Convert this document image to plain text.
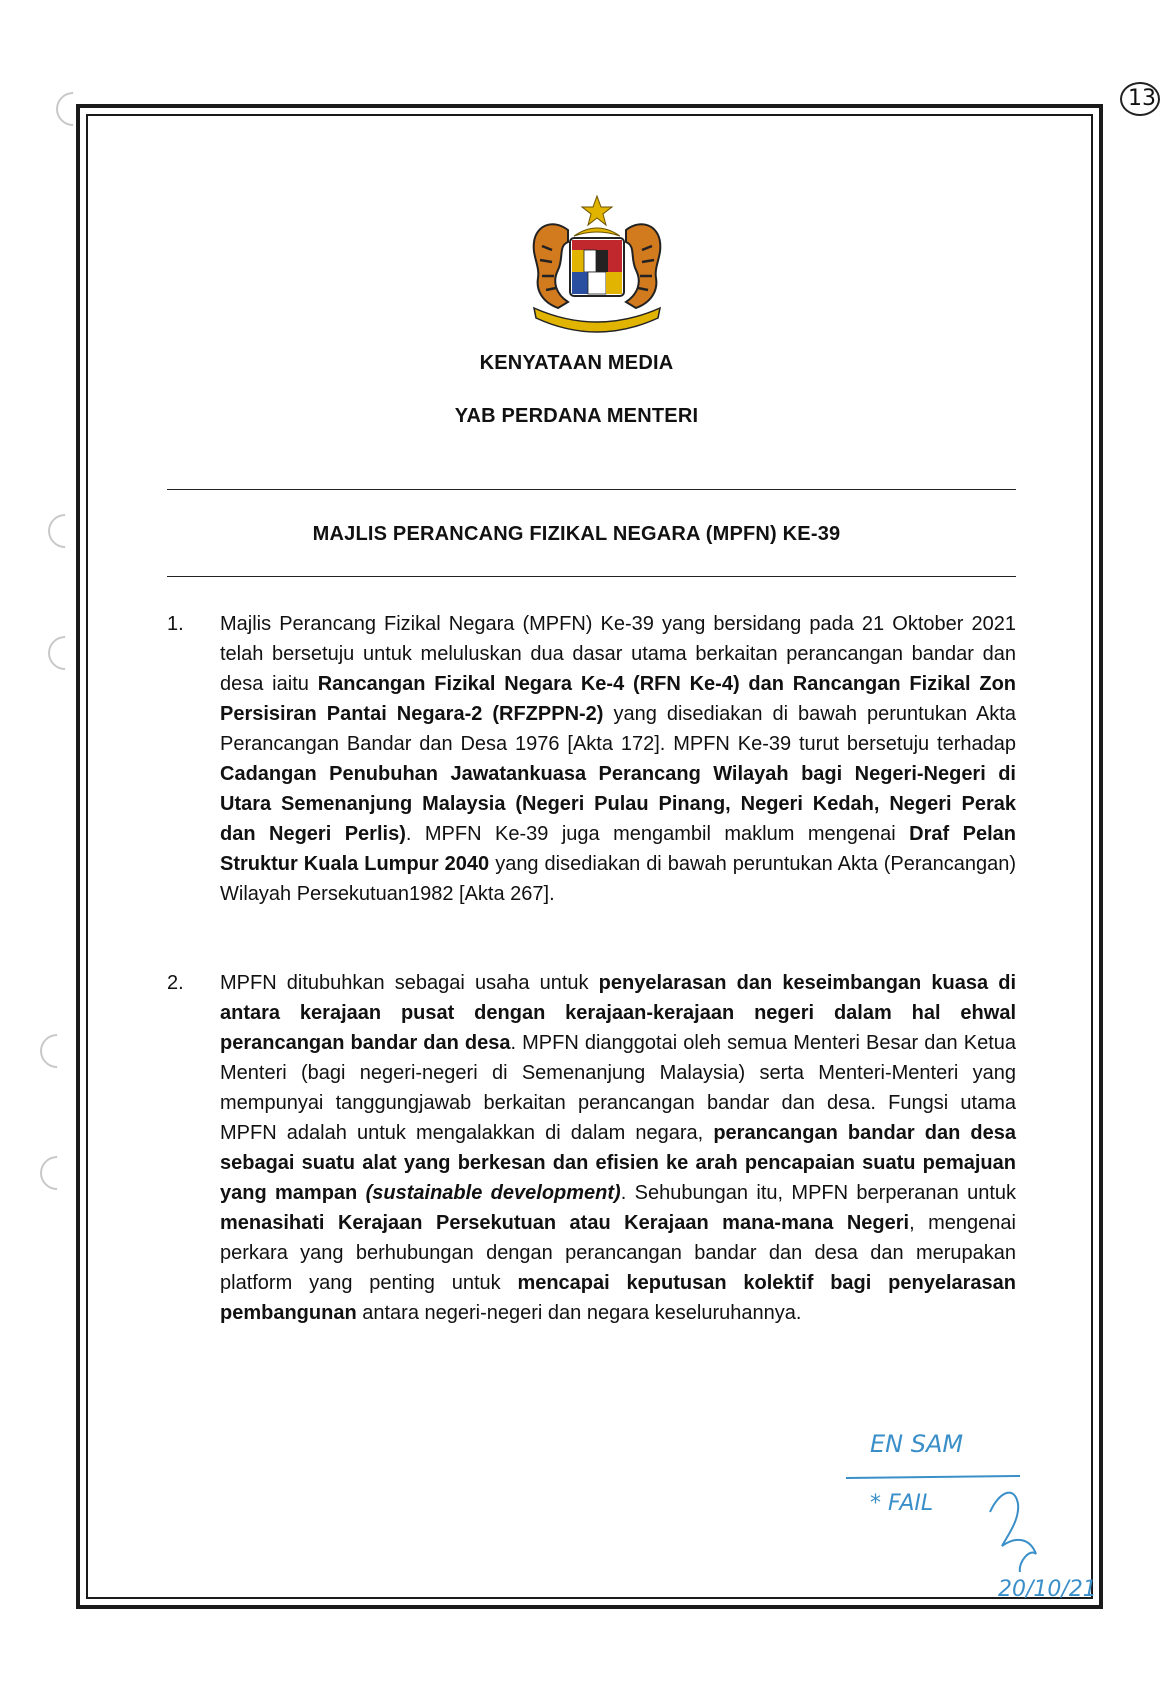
13
KENYATAAN MEDIA
YAB PERDANA MENTERI
MAJLIS PERANCANG FIZIKAL NEGARA (MPFN) KE-39
1.	Majlis Perancang Fizikal Negara (MPFN) Ke-39 yang bersidang pada 21 Oktober 2021 telah bersetuju untuk meluluskan dua dasar utama berkaitan perancangan bandar dan desa iaitu Rancangan Fizikal Negara Ke-4 (RFN Ke-4) dan Rancangan Fizikal Zon Persisiran Pantai Negara-2 (RFZPPN-2) yang disediakan di bawah peruntukan Akta Perancangan Bandar dan Desa 1976 [Akta 172]. MPFN Ke-39 turut bersetuju terhadap Cadangan Penubuhan Jawatankuasa Perancang Wilayah bagi Negeri-Negeri di Utara Semenanjung Malaysia (Negeri Pulau Pinang, Negeri Kedah, Negeri Perak dan Negeri Perlis). MPFN Ke-39 juga mengambil maklum mengenai Draf Pelan Struktur Kuala Lumpur 2040 yang disediakan di bawah peruntukan Akta (Perancangan) Wilayah Persekutuan1982 [Akta 267].
2.	MPFN ditubuhkan sebagai usaha untuk penyelarasan dan keseimbangan kuasa di antara kerajaan pusat dengan kerajaan-kerajaan negeri dalam hal ehwal perancangan bandar dan desa. MPFN dianggotai oleh semua Menteri Besar dan Ketua Menteri (bagi negeri-negeri di Semenanjung Malaysia) serta Menteri-Menteri yang mempunyai tanggungjawab berkaitan perancangan bandar dan desa. Fungsi utama MPFN adalah untuk mengalakkan di dalam negara, perancangan bandar dan desa sebagai suatu alat yang berkesan dan efisien ke arah pencapaian suatu pemajuan yang mampan (sustainable development). Sehubungan itu, MPFN berperanan untuk menasihati Kerajaan Persekutuan atau Kerajaan mana-mana Negeri, mengenai perkara yang berhubungan dengan perancangan bandar dan desa dan merupakan platform yang penting untuk mencapai keputusan kolektif bagi penyelarasan pembangunan antara negeri-negeri dan negara keseluruhannya.
EN SAM
* FAIL
20/10/21
